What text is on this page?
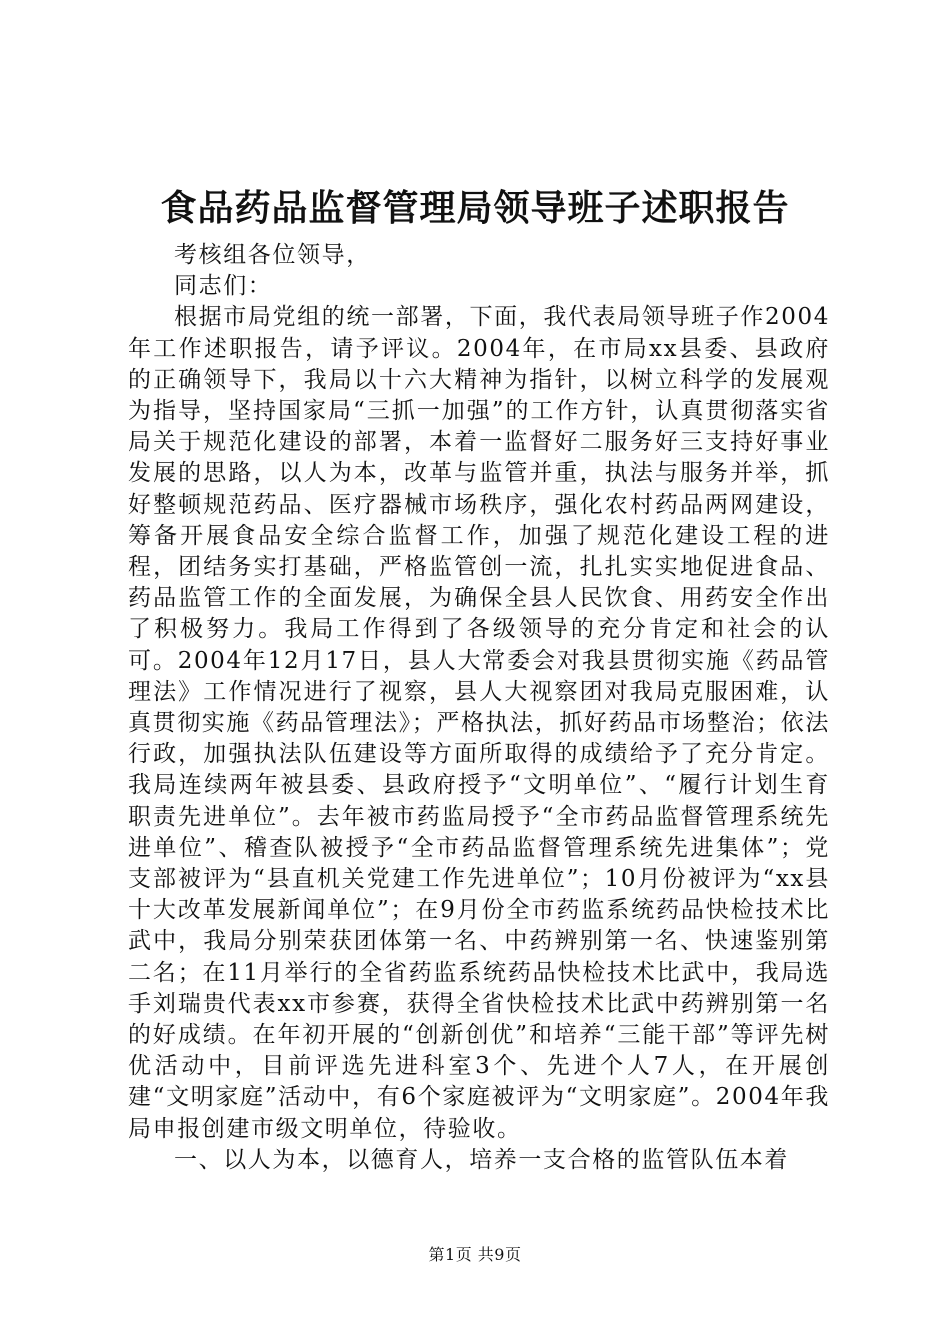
食品药品监督管理局领导班子述职报告

考核组各位领导，

同志们：

根据市局党组的统一部署，下面，我代表局领导班子作2004年工作述职报告，请予评议。2004年，在市局xx县委、县政府的正确领导下，我局以十六大精神为指针，以树立科学的发展观为指导，坚持国家局“三抓一加强”的工作方针，认真贯彻落实省局关于规范化建设的部署，本着一监督好二服务好三支持好事业发展的思路，以人为本，改革与监管并重，执法与服务并举，抓好整顿规范药品、医疗器械市场秩序，强化农村药品两网建设，筹备开展食品安全综合监督工作，加强了规范化建设工程的进程，团结务实打基础，严格监管创一流，扎扎实实地促进食品、药品监管工作的全面发展，为确保全县人民饮食、用药安全作出了积极努力。我局工作得到了各级领导的充分肯定和社会的认可。2004年12月17日，县人大常委会对我县贯彻实施《药品管理法》工作情况进行了视察，县人大视察团对我局克服困难，认真贯彻实施《药品管理法》；严格执法，抓好药品市场整治；依法行政，加强执法队伍建设等方面所取得的成绩给予了充分肯定。我局连续两年被县委、县政府授予“文明单位”、“履行计划生育职责先进单位”。去年被市药监局授予“全市药品监督管理系统先进单位”、稽查队被授予“全市药品监督管理系统先进集体”；党支部被评为“县直机关党建工作先进单位”；10月份被评为“xx县十大改革发展新闻单位”；在9月份全市药监系统药品快检技术比武中，我局分别荣获团体第一名、中药辨别第一名、快速鉴别第二名；在11月举行的全省药监系统药品快检技术比武中，我局选手刘瑞贵代表xx市参赛，获得全省快检技术比武中药辨别第一名的好成绩。在年初开展的“创新创优”和培养“三能干部”等评先树优活动中，目前评选先进科室3个、先进个人7人，在开展创建“文明家庭”活动中，有6个家庭被评为“文明家庭”。2004年我局申报创建市级文明单位，待验收。

一、以人为本，以德育人，培养一支合格的监管队伍本着

第1页 共9页
